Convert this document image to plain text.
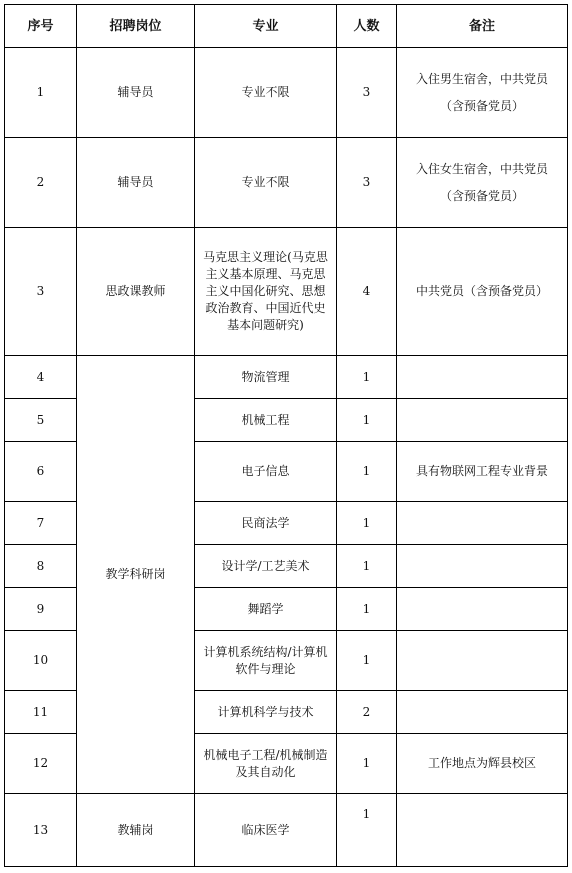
序号	招聘岗位	专业	人数	备注
1	辅导员	专业不限	3	入住男生宿舍，中共党员
（含预备党员）

2	辅导员	专业不限	3	入住女生宿舍，中共党员
（含预备党员）

3	思政课教师	马克思主义理论(马克思主义基本原理、马克思主义中国化研究、思想政治教育、中国近代史基本问题研究)	4	中共党员（含预备党员）
4	教学科研岗	物流管理	1	
5		机械工程	1	
6		电子信息	1	具有物联网工程专业背景
7		民商法学	1	
8		设计学/工艺美术	1	
9		舞蹈学	1	
10		计算机系统结构/计算机软件与理论	1	
11		计算机科学与技术	2	
12		机械电子工程/机械制造及其自动化	1	工作地点为辉县校区
13	教辅岗	临床医学	1	
